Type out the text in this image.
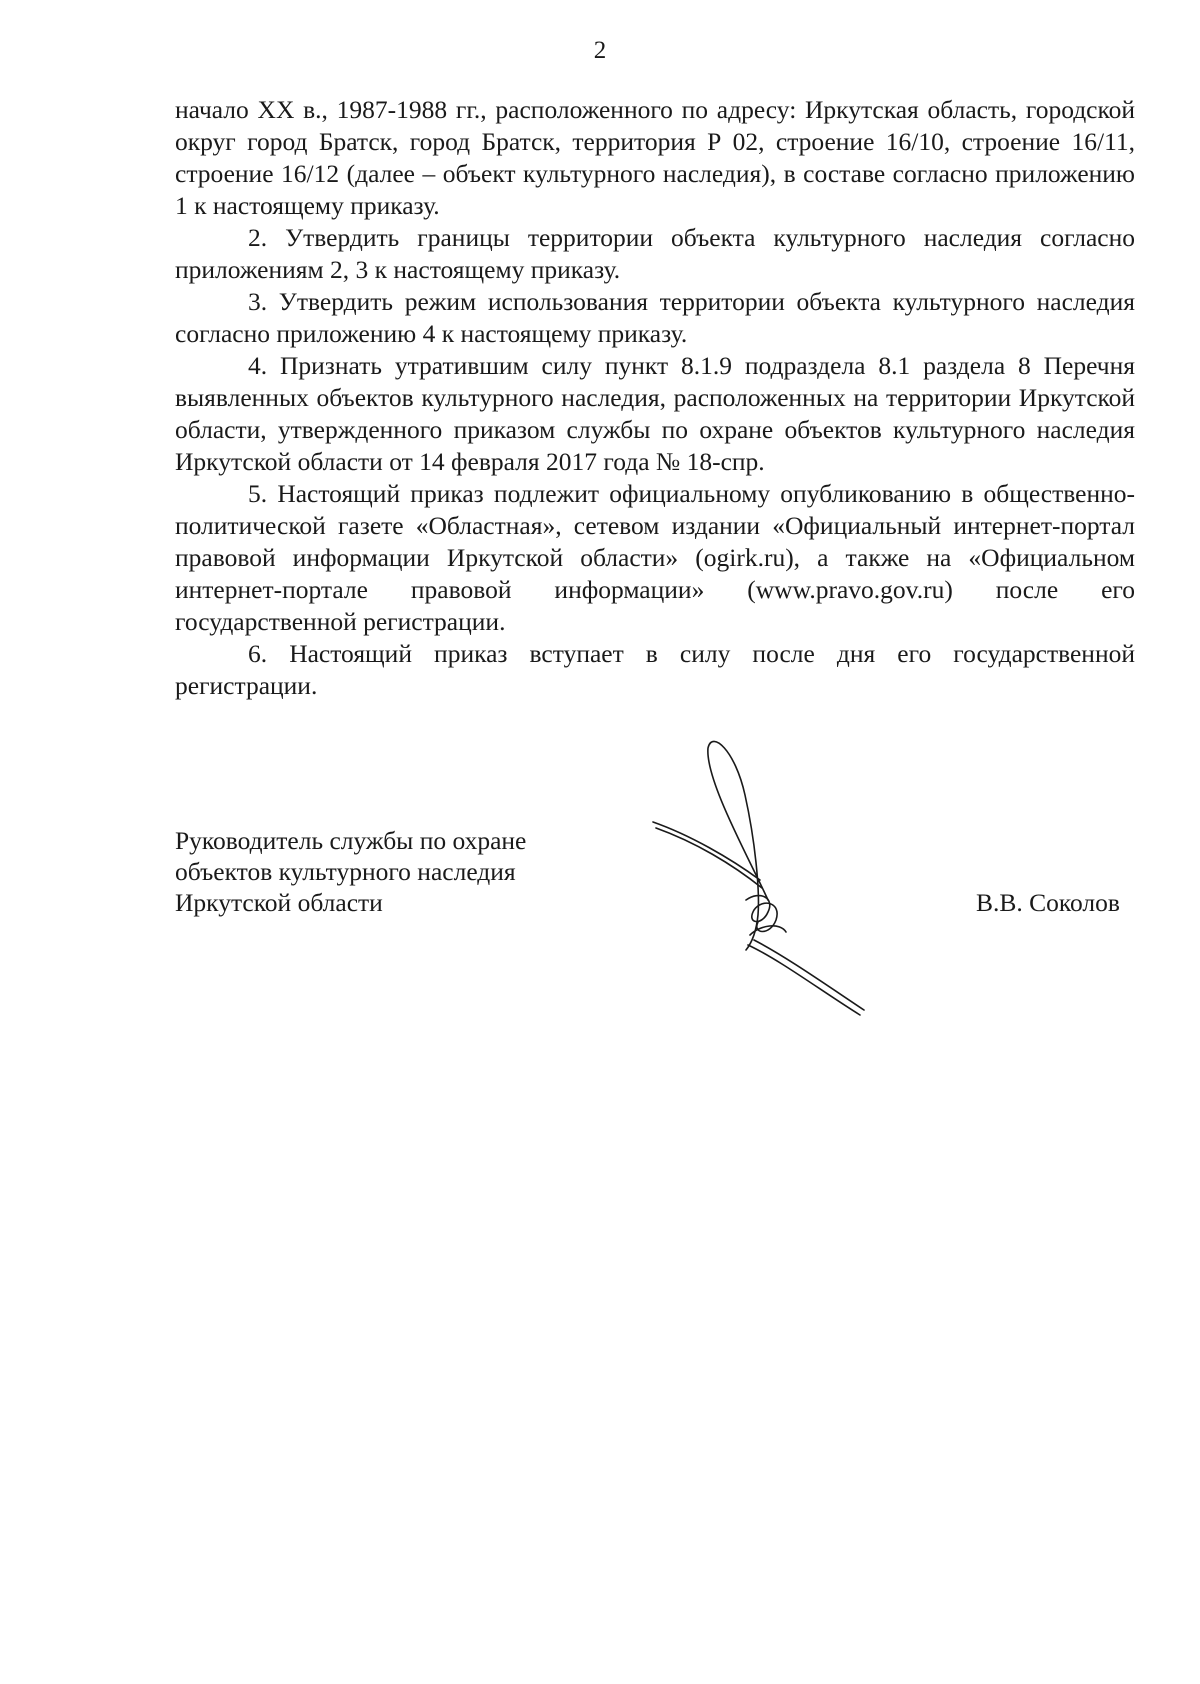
2

начало XX в., 1987-1988 гг., расположенного по адресу: Иркутская область, городской округ город Братск, город Братск, территория Р 02, строение 16/10, строение 16/11, строение 16/12 (далее – объект культурного наследия), в составе согласно приложению 1 к настоящему приказу.

2. Утвердить границы территории объекта культурного наследия согласно приложениям 2, 3 к настоящему приказу.

3. Утвердить режим использования территории объекта культурного наследия согласно приложению 4 к настоящему приказу.

4. Признать утратившим силу пункт 8.1.9 подраздела 8.1 раздела 8 Перечня выявленных объектов культурного наследия, расположенных на территории Иркутской области, утвержденного приказом службы по охране объектов культурного наследия Иркутской области от 14 февраля 2017 года № 18-спр.

5. Настоящий приказ подлежит официальному опубликованию в общественно-политической газете «Областная», сетевом издании «Официальный интернет-портал правовой информации Иркутской области» (ogirk.ru), а также на «Официальном интернет-портале правовой информации» (www.pravo.gov.ru) после его государственной регистрации.

6. Настоящий приказ вступает в силу после дня его государственной регистрации.

Руководитель службы по охране
объектов культурного наследия
Иркутской области	В.В. Соколов
